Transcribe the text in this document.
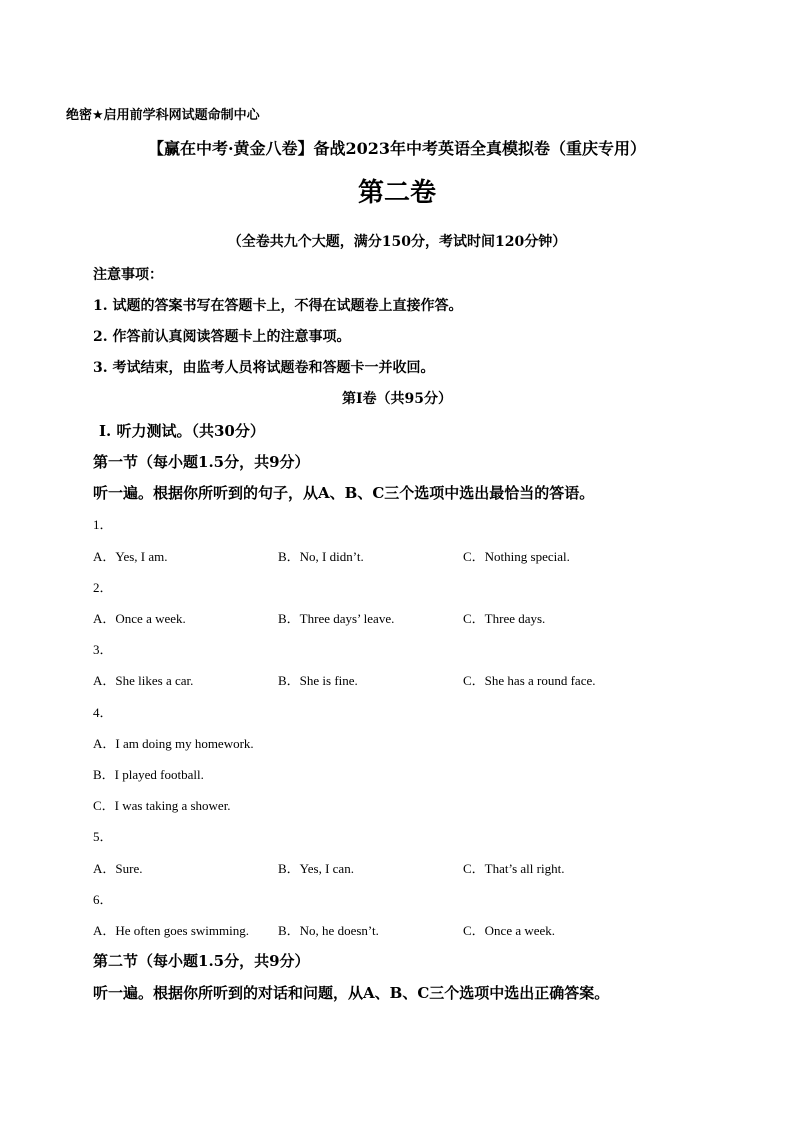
绝密★启用前学科网试题命制中心
【赢在中考·黄金八卷】备战2023年中考英语全真模拟卷（重庆专用）
第二卷
（全卷共九个大题，满分150分，考试时间120分钟）
注意事项：
1. 试题的答案书写在答题卡上，不得在试题卷上直接作答。
2. 作答前认真阅读答题卡上的注意事项。
3. 考试结束，由监考人员将试题卷和答题卡一并收回。
第I卷（共95分）
Ⅰ. 听力测试。（共30分）
第一节（每小题1.5分，共9分）
听一遍。根据你所听到的句子，从A、B、C三个选项中选出最恰当的答语。
1．
A．Yes, I am.	B．No, I didn’t.	C．Nothing special.
2．
A．Once a week.	B．Three days’ leave.	C．Three days.
3．
A．She likes a car.	B．She is fine.	C．She has a round face.
4．
A．I am doing my homework.
B．I played football.
C．I was taking a shower.
5．
A．Sure.	B．Yes, I can.	C．That’s all right.
6．
A．He often goes swimming. B．No, he doesn’t.	C．Once a week.
第二节（每小题1.5分，共9分）
听一遍。根据你所听到的对话和问题，从A、B、C三个选项中选出正确答案。
